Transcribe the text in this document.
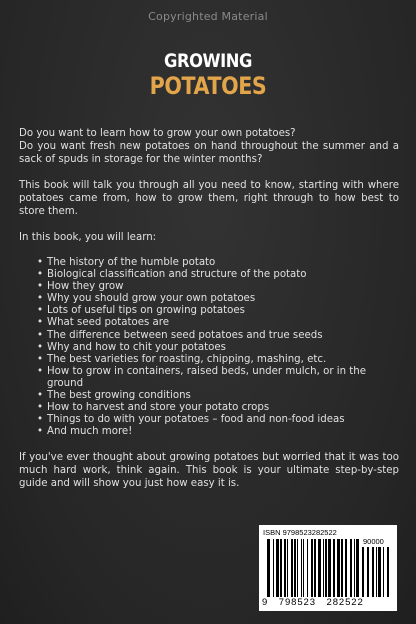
Copyrighted Material
GROWING
POTATOES

Do you want to learn how to grow your own potatoes?
Do you want fresh new potatoes on hand throughout the summer and a sack of spuds in storage for the winter months?

This book will talk you through all you need to know, starting with where potatoes came from, how to grow them, right through to how best to store them.

In this book, you will learn:

• The history of the humble potato
• Biological classification and structure of the potato
• How they grow
• Why you should grow your own potatoes
• Lots of useful tips on growing potatoes
• What seed potatoes are
• The difference between seed potatoes and true seeds
• Why and how to chit your potatoes
• The best varieties for roasting, chipping, mashing, etc.
• How to grow in containers, raised beds, under mulch, or in the ground
• The best growing conditions
• How to harvest and store your potato crops
• Things to do with your potatoes – food and non-food ideas
• And much more!

If you've ever thought about growing potatoes but worried that it was too much hard work, think again. This book is your ultimate step-by-step guide and will show you just how easy it is.

ISBN 9798523282522
90000
9   798523   282522
